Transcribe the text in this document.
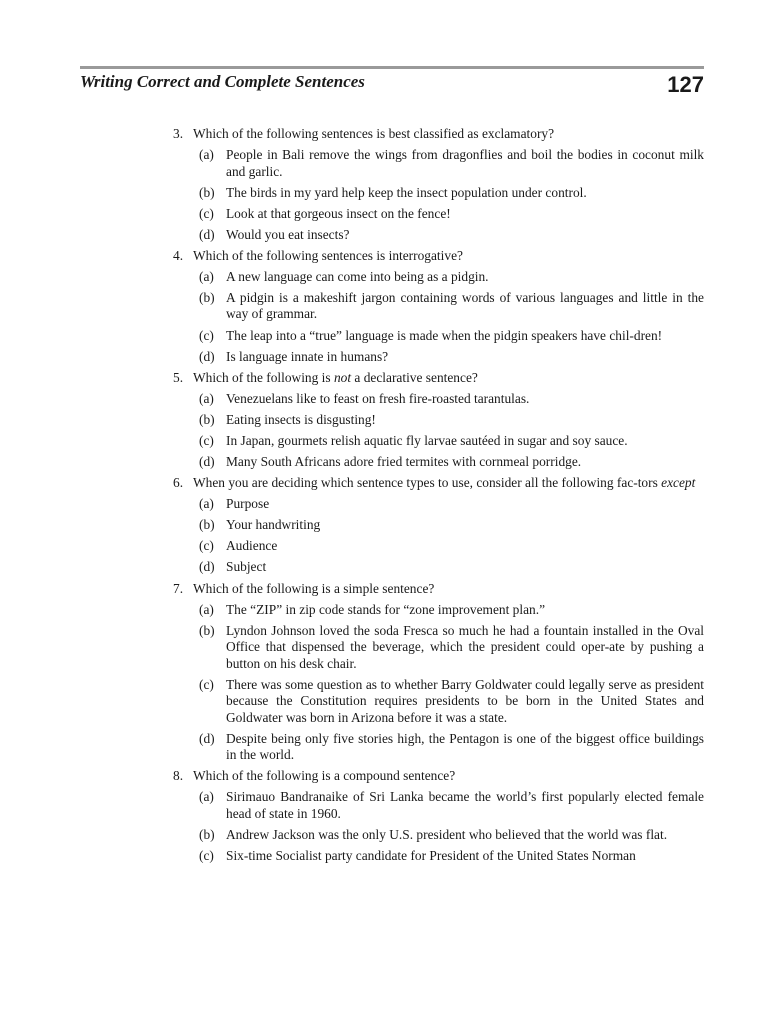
Writing Correct and Complete Sentences	127
3. Which of the following sentences is best classified as exclamatory?
(a) People in Bali remove the wings from dragonflies and boil the bodies in coconut milk and garlic.
(b) The birds in my yard help keep the insect population under control.
(c) Look at that gorgeous insect on the fence!
(d) Would you eat insects?
4. Which of the following sentences is interrogative?
(a) A new language can come into being as a pidgin.
(b) A pidgin is a makeshift jargon containing words of various languages and little in the way of grammar.
(c) The leap into a “true” language is made when the pidgin speakers have chil-dren!
(d) Is language innate in humans?
5. Which of the following is not a declarative sentence?
(a) Venezuelans like to feast on fresh fire-roasted tarantulas.
(b) Eating insects is disgusting!
(c) In Japan, gourmets relish aquatic fly larvae sautéed in sugar and soy sauce.
(d) Many South Africans adore fried termites with cornmeal porridge.
6. When you are deciding which sentence types to use, consider all the following fac-tors except
(a) Purpose
(b) Your handwriting
(c) Audience
(d) Subject
7. Which of the following is a simple sentence?
(a) The “ZIP” in zip code stands for “zone improvement plan.”
(b) Lyndon Johnson loved the soda Fresca so much he had a fountain installed in the Oval Office that dispensed the beverage, which the president could oper-ate by pushing a button on his desk chair.
(c) There was some question as to whether Barry Goldwater could legally serve as president because the Constitution requires presidents to be born in the United States and Goldwater was born in Arizona before it was a state.
(d) Despite being only five stories high, the Pentagon is one of the biggest office buildings in the world.
8. Which of the following is a compound sentence?
(a) Sirimauo Bandranaike of Sri Lanka became the world’s first popularly elected female head of state in 1960.
(b) Andrew Jackson was the only U.S. president who believed that the world was flat.
(c) Six-time Socialist party candidate for President of the United States Norman
